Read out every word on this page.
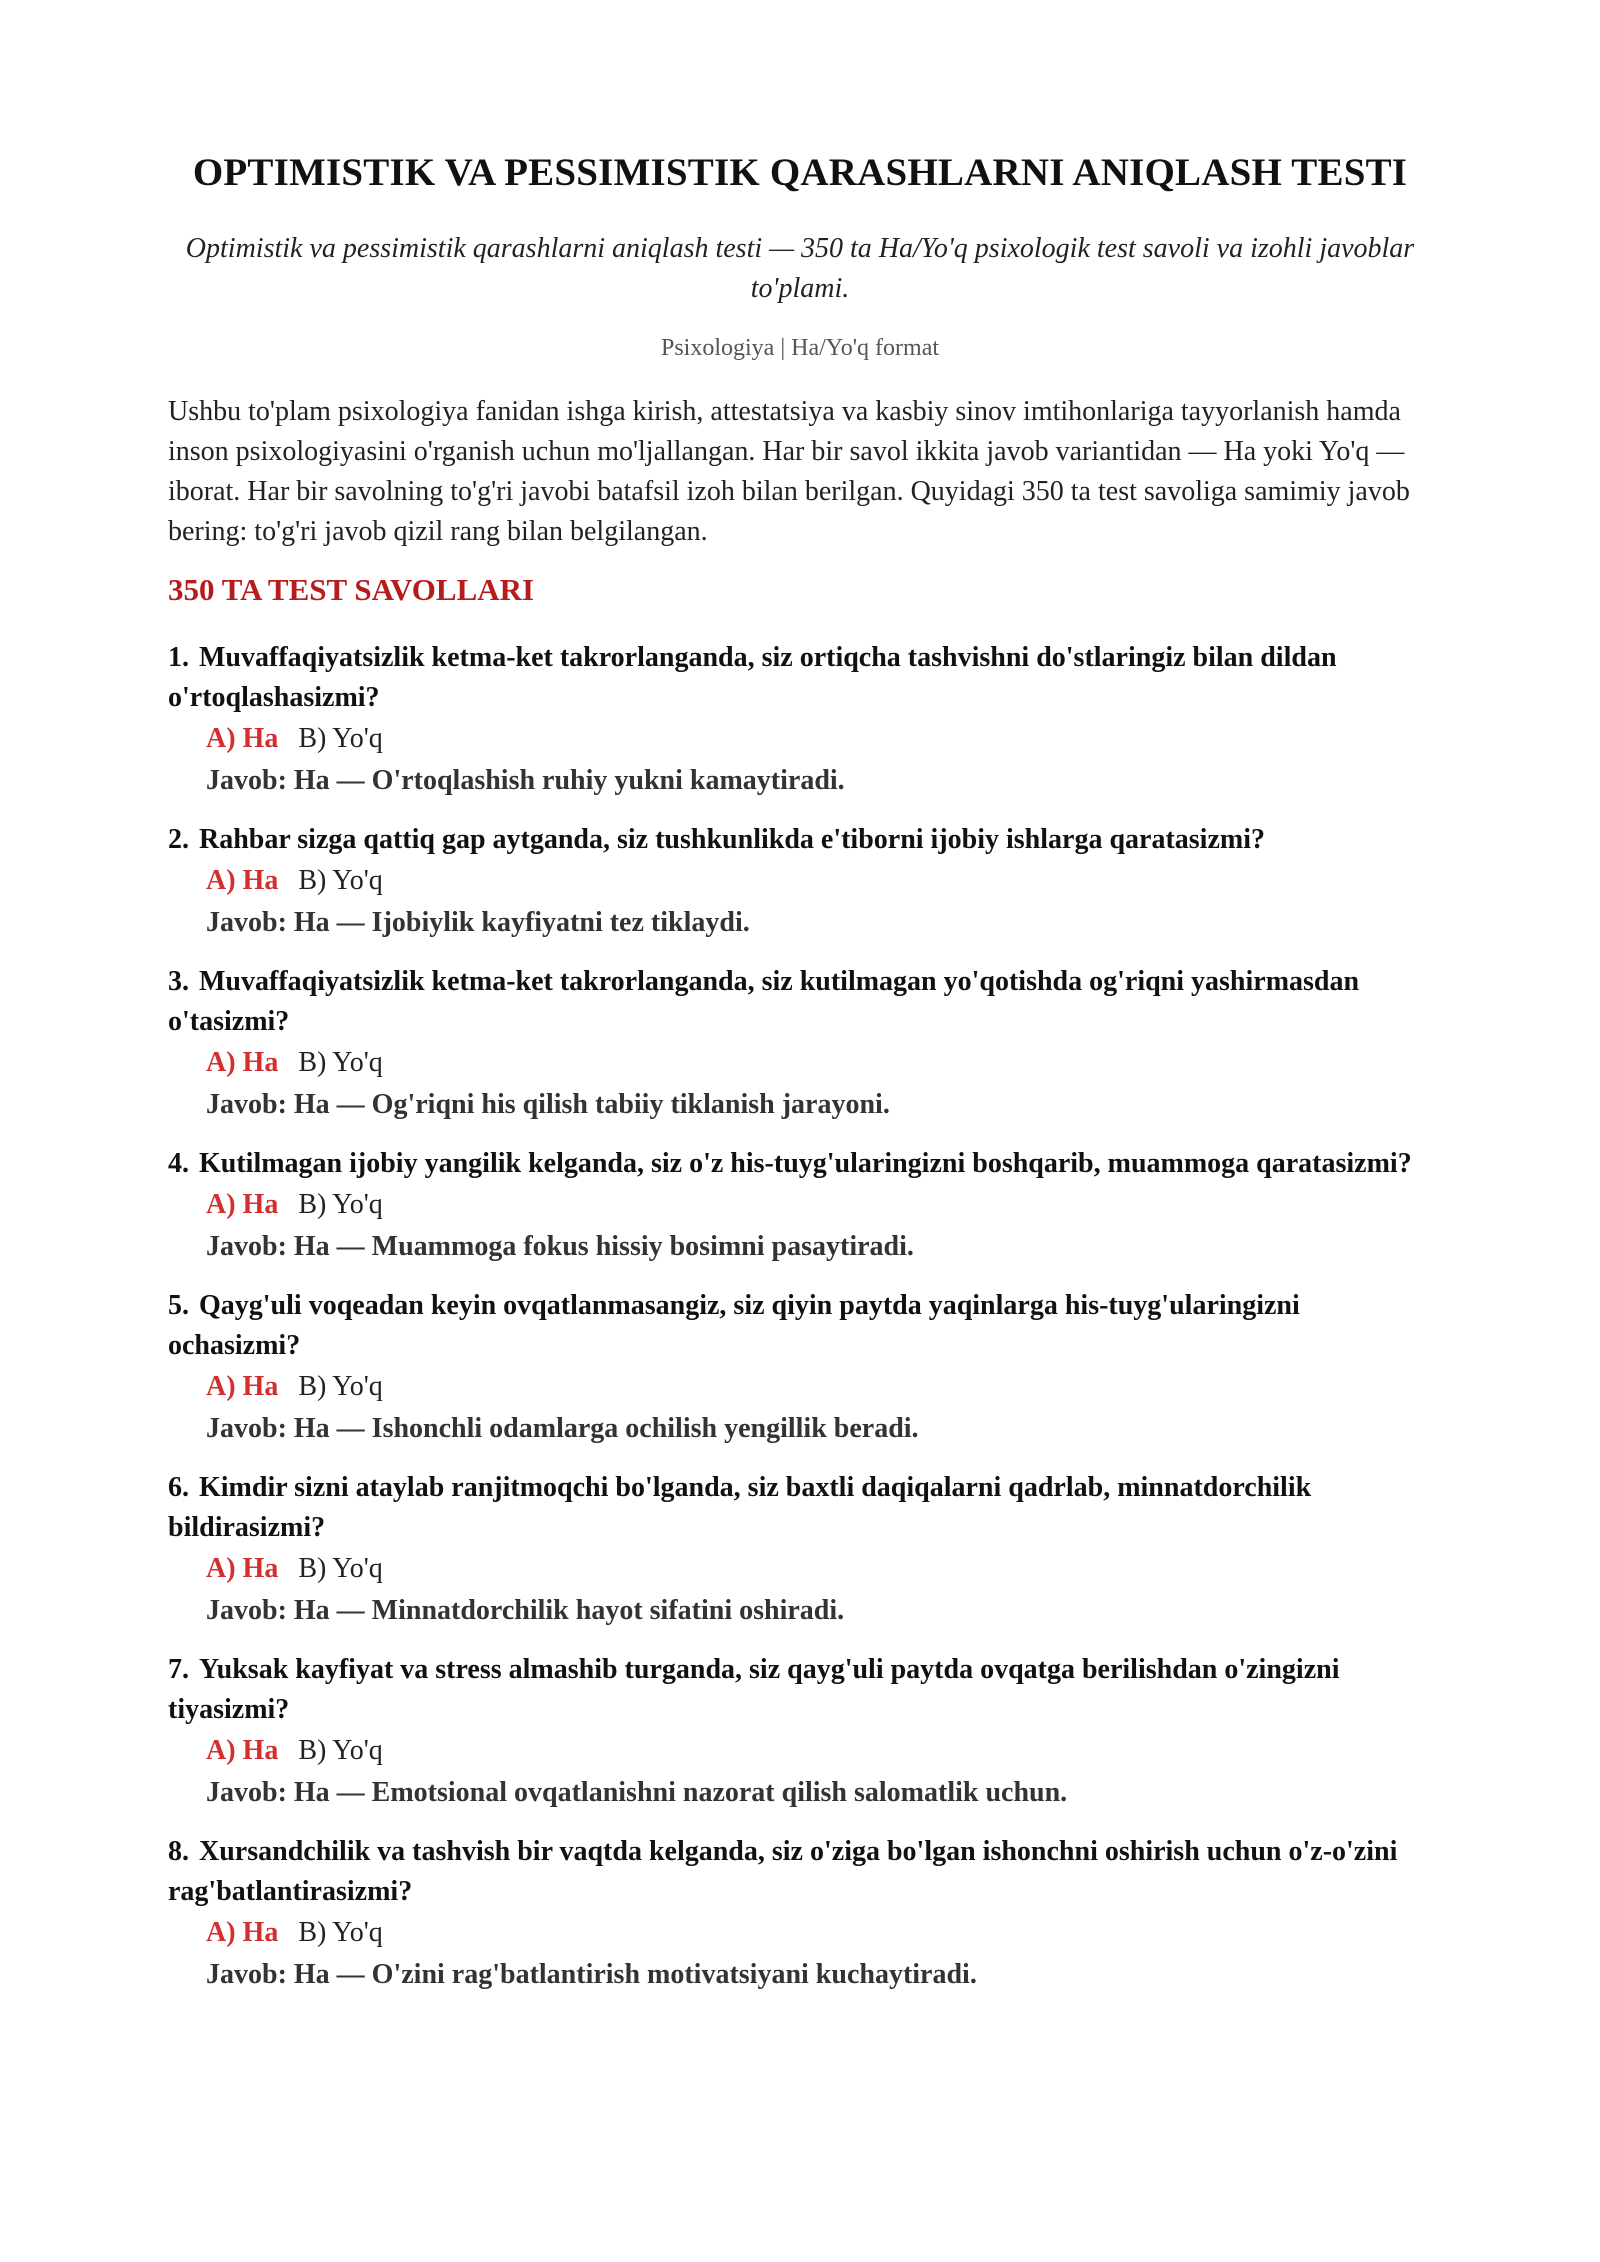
OPTIMISTIK VA PESSIMISTIK QARASHLARNI ANIQLASH TESTI

Optimistik va pessimistik qarashlarni aniqlash testi — 350 ta Ha/Yo'q psixologik test savoli va izohli javoblar to'plami.

Psixologiya | Ha/Yo'q format

Ushbu to'plam psixologiya fanidan ishga kirish, attestatsiya va kasbiy sinov imtihonlariga tayyorlanish hamda inson psixologiyasini o'rganish uchun mo'ljallangan. Har bir savol ikkita javob variantidan — Ha yoki Yo'q — iborat. Har bir savolning to'g'ri javobi batafsil izoh bilan berilgan. Quyidagi 350 ta test savoliga samimiy javob bering: to'g'ri javob qizil rang bilan belgilangan.

350 TA TEST SAVOLLARI
1. Muvaffaqiyatsizlik ketma-ket takrorlanganda, siz ortiqcha tashvishni do'stlaringiz bilan dildan o'rtoqlashasizmi?
A) Ha B) Yo'q
Javob: Ha — O'rtoqlashish ruhiy yukni kamaytiradi.
2. Rahbar sizga qattiq gap aytganda, siz tushkunlikda e'tiborni ijobiy ishlarga qaratasizmi?
A) Ha B) Yo'q
Javob: Ha — Ijobiylik kayfiyatni tez tiklaydi.
3. Muvaffaqiyatsizlik ketma-ket takrorlanganda, siz kutilmagan yo'qotishda og'riqni yashirmasdan o'tasizmi?
A) Ha B) Yo'q
Javob: Ha — Og'riqni his qilish tabiiy tiklanish jarayoni.
4. Kutilmagan ijobiy yangilik kelganda, siz o'z his-tuyg'ularingizni boshqarib, muammoga qaratasizmi?
A) Ha B) Yo'q
Javob: Ha — Muammoga fokus hissiy bosimni pasaytiradi.
5. Qayg'uli voqeadan keyin ovqatlanmasangiz, siz qiyin paytda yaqinlarga his-tuyg'ularingizni ochasizmi?
A) Ha B) Yo'q
Javob: Ha — Ishonchli odamlarga ochilish yengillik beradi.
6. Kimdir sizni ataylab ranjitmoqchi bo'lganda, siz baxtli daqiqalarni qadrlab, minnatdorchilik bildirasizmi?
A) Ha B) Yo'q
Javob: Ha — Minnatdorchilik hayot sifatini oshiradi.
7. Yuksak kayfiyat va stress almashib turganda, siz qayg'uli paytda ovqatga berilishdan o'zingizni tiyasizmi?
A) Ha B) Yo'q
Javob: Ha — Emotsional ovqatlanishni nazorat qilish salomatlik uchun.
8. Xursandchilik va tashvish bir vaqtda kelganda, siz o'ziga bo'lgan ishonchni oshirish uchun o'z-o'zini rag'batlantirasizmi?
A) Ha B) Yo'q
Javob: Ha — O'zini rag'batlantirish motivatsiyani kuchaytiradi.
